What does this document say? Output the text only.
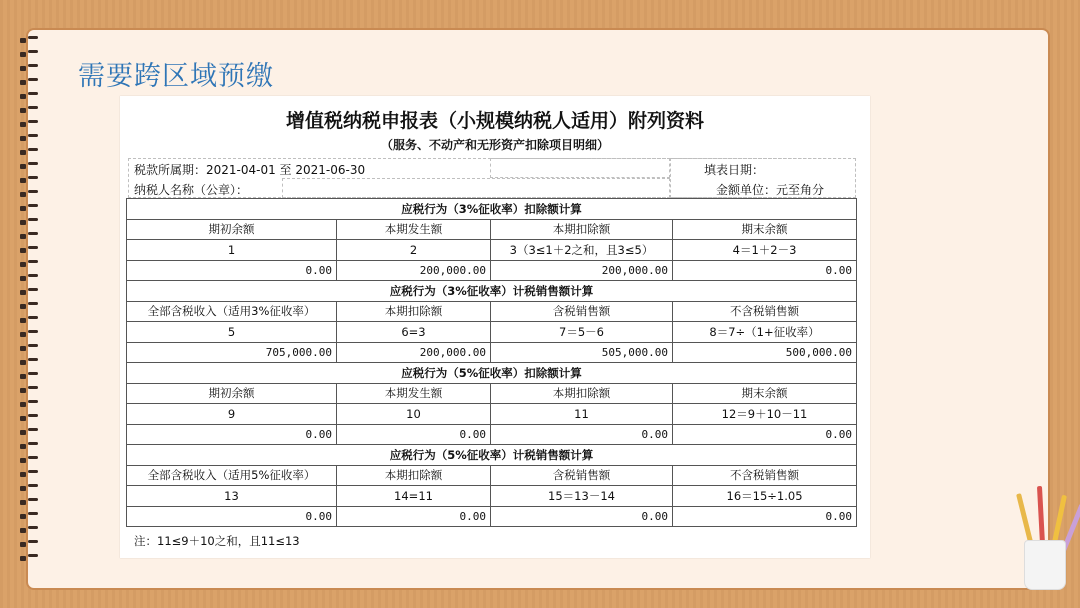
需要跨区域预缴
增值税纳税申报表（小规模纳税人适用）附列资料
（服务、不动产和无形资产扣除项目明细）
税款所属期：2021-04-01 至 2021-06-30	填表日期：
纳税人名称（公章）：	金额单位：元至角分
应税行为（3%征收率）扣除额计算			
期初余额	本期发生额	本期扣除额	期末余额
1	2	3（3≤1＋2之和，且3≤5）	4＝1＋2－3
0.00	200,000.00	200,000.00	0.00
应税行为（3%征收率）计税销售额计算			
全部含税收入（适用3%征收率）	本期扣除额	含税销售额	不含税销售额
5	6=3	7＝5－6	8＝7÷（1+征收率）
705,000.00	200,000.00	505,000.00	500,000.00
应税行为（5%征收率）扣除额计算			
期初余额	本期发生额	本期扣除额	期末余额
9	10	11	12＝9＋10－11
0.00	0.00	0.00	0.00
应税行为（5%征收率）计税销售额计算			
全部含税收入（适用5%征收率）	本期扣除额	含税销售额	不含税销售额
13	14=11	15＝13－14	16＝15÷1.05
0.00	0.00	0.00	0.00
注：11≤9＋10之和，且11≤13
